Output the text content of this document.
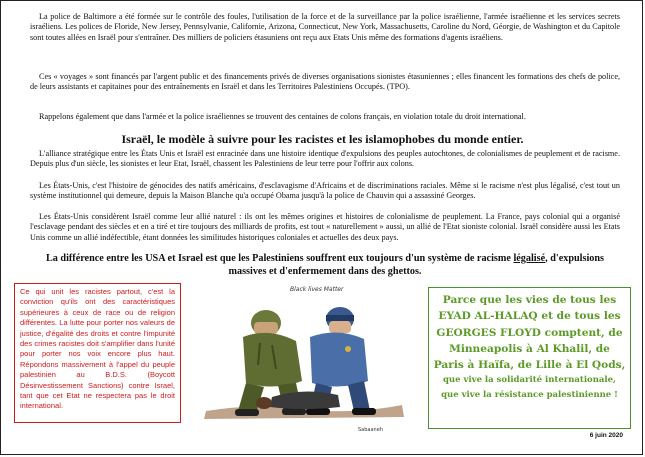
La police de Baltimore a été formée sur le contrôle des foules, l'utilisation de la force et de la surveillance par la police israélienne, l'armée israélienne et les services secrets israéliens. Les polices de Floride, New Jersey, Pennsylvanie, Californie, Arizona, Connecticut, New York, Massachusetts, Caroline du Nord, Géorgie, de Washington et du Capitole sont toutes allées en Israël pour s'entraîner. Des milliers de policiers étasuniens ont reçu aux Etats Unis même des formations d'agents israéliens.

Ces « voyages » sont financés par l'argent public et des financements privés de diverses organisations sionistes étasuniennes ; elles financent les formations des chefs de police, de leurs assistants et capitaines pour des entraînements en Israël et dans les Territoires Palestiniens Occupés. (TPO).

Rappelons également que dans l'armée et la police israéliennes se trouvent des centaines de colons français, en violation totale du droit international.

Israël, le modèle à suivre pour les racistes et les islamophobes du monde entier.

L'alliance stratégique entre les États Unis et Israël est enracinée dans une histoire identique d'expulsions des peuples autochtones, de colonialismes de peuplement et de racisme. Depuis plus d'un siècle, les sionistes et leur Etat, Israël, chassent les Palestiniens de leur terre pour l'offrir aux colons.

Les États-Unis, c'est l'histoire de génocides des natifs américains, d'esclavagisme d'Africains et de discriminations raciales. Même si le racisme n'est plus légalisé, c'est tout un système institutionnel qui demeure, depuis la Maison Blanche qu'a occupé Obama jusqu'à la police de Chauvin qui a assassiné Georges.

Les États-Unis considèrent Israël comme leur allié naturel : ils ont les mêmes origines et histoires de colonialisme de peuplement. La France, pays colonial qui a organisé l'esclavage pendant des siècles et en a tiré et tire toujours des milliards de profits, est tout « naturellement » aussi, un allié de l'Etat sioniste colonial. Israël considère aussi les Etats Unis comme un allié indéfectible, étant données les similitudes historiques coloniales et actuelles des deux pays.

La différence entre les USA et Israel est que les Palestiniens souffrent eux toujours d'un système de racisme légalisé, d'expulsions massives et d'enfermement dans des ghettos.
Ce qui unit les racistes partout, c'est la conviction qu'ils ont des caractéristiques supérieures à ceux de race ou de religion différentes. La lutte pour porter nos valeurs de justice, d'égalité des droits et contre l'impunité des crimes racistes doit s'amplifier dans l'unité pour porter nos voix encore plus haut. Répondons massivement à l'appel du peuple palestinien au B.D.S. (Boycott Désinvestissement Sanctions) contre Israel, tant que cet Etat ne respectera pas le droit international.
Black lives Matter
Sabaaneh
Parce que les vies de tous les
EYAD AL-HALAQ et de tous les
GEORGES FLOYD comptent, de
Minneapolis à Al Khalil, de
Paris à Haïfa, de Lille à El Qods,
que vive la solidarité internationale,
que vive la résistance palestinienne !
6 juin 2020
